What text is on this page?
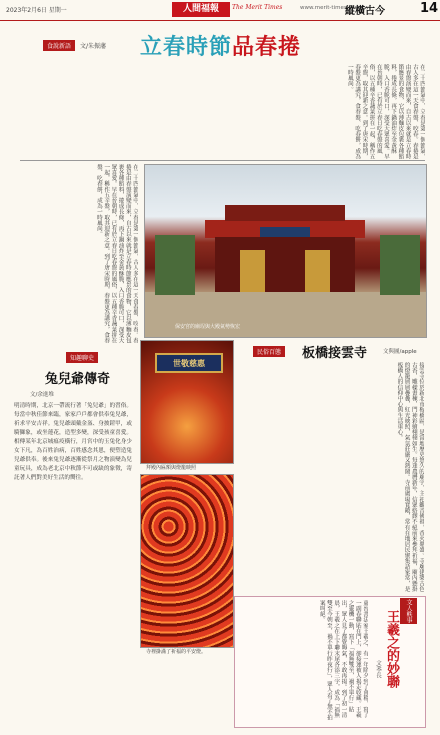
2023年2月6日 星期一	人間福報	The Merit Times	www.merit-times.com.tw
縱橫古今	14
食說新語	文/朱振藩 立春時節品春捲
在二十四節氣中，立春是第一個節氣，古人多在這一天食春盤、咬春。春捲是由春盤演變而來，自古以來就是立春時節應景的食物，它以薄麵皮包裹各種餡料，捲成長條，再下鍋油炸至金黃酥脆，入口香脆可口，深受大眾喜愛。早在晉朝時，已有於立春日吃春盤的風俗，以五種辛香蔬菜拼在一起，稱作五辛盤，取其迎新之意。到了唐宋時期，春盤更為講究，食春盤、吃春餅，成為一時風尚。
在二十四節氣中，立春是第一個節氣，古人多在這一天食春盤、咬春。春捲是由春盤演變而來，自古以來就是立春時節應景的食物，它以薄麵皮包裹各種餡料，捲成長條，再下鍋油炸至金黃酥脆，入口香脆可口，深受大眾喜愛。早在晉朝時，已有於立春日吃春盤的風俗，以五種辛香蔬菜拼在一起，稱作五辛盤，取其迎新之意。到了唐宋時期，春盤更為講究，食春盤、吃春餅，成為一時風尚。
保安宮的廟埕與大殿氣勢恢宏
民俗百態	板橋接雲寺	文與圖/apple
接雲寺位於新北市板橋區，是當地歷史悠久的廟宇，主祀觀音佛祖，香火鼎盛。寺廟建築古色古香，雕樑畫棟，門神彩繪栩栩如生。每逢農曆新年，信眾絡繹不絕前來參拜祈福，廟內懸掛的燈籠層層疊疊，紅光映照，氣氛莊嚴又熱鬧。寺前廣場寬敞，常有在地居民聚集話家常，是板橋人的信仰中心與生活重心。
世敬慈惠
拜殿內匾額與燈籠映照
寺裡掛滿了祈福的平安燈。
知趣聊史
兔兒爺傳奇
文/余進堆
明清時期，北京一帶流行著「兔兒爺」的習俗。每當中秋佳節來臨，家家戶戶都會供奉兔兒爺，祈求平安吉祥。兔兒爺頭戴金盔、身披鎧甲，或騎獅象，或坐蓮花，造型多變，深受孩童喜愛。相傳某年北京城瘟疫橫行，月宮中的玉兔化身少女下凡，為百姓治病，百姓感念其恩，便塑造兔兒爺供奉。後來兔兒爺逐漸從祭月之物演變為兒童玩具，成為老北京中秋節不可或缺的象徵，寄託著人們對美好生活的嚮往。
文人軼事
王羲之的妙聯
文/李長
東晉書法家王羲之，有一年除夕到了會稽，寫了一副春聯貼在門上，卻接連被人揭走收藏。王羲之靈機一動，寫下「福無雙至，禍不單行」貼出，眾人見了都覺晦氣，不敢再揭。到了初一清晨，王羲之在上下聯末尾各添三字，成為「福無雙至今朝至，禍不單行昨夜行」，眾人看了無不拍案叫絕。
